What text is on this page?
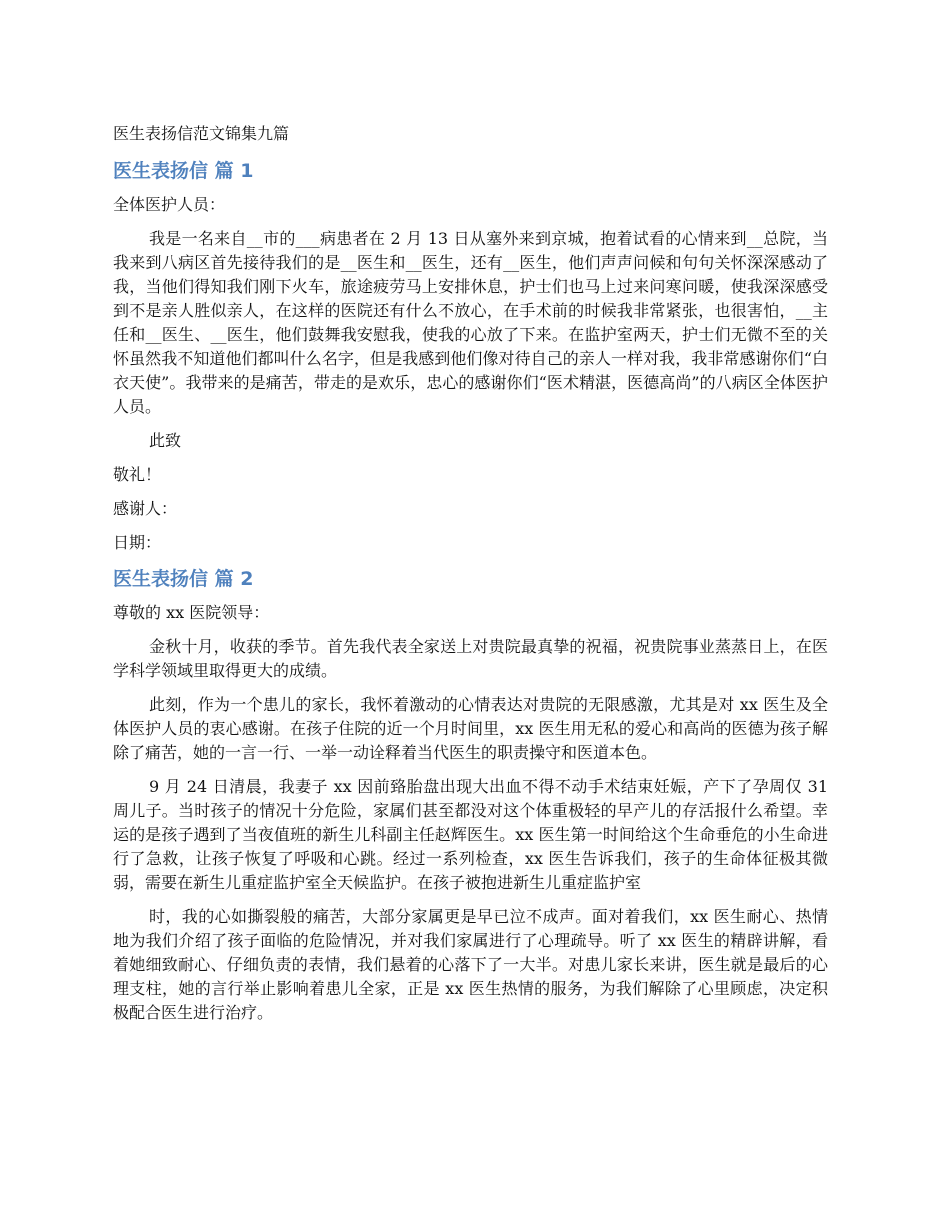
医生表扬信范文锦集九篇
医生表扬信 篇 1
全体医护人员：
我是一名来自__市的___病患者在 2 月 13 日从塞外来到京城，抱着试看的心情来到__总院，当我来到八病区首先接待我们的是__医生和__医生，还有__医生，他们声声问候和句句关怀深深感动了我，当他们得知我们刚下火车，旅途疲劳马上安排休息，护士们也马上过来问寒问暖，使我深深感受到不是亲人胜似亲人，在这样的医院还有什么不放心，在手术前的时候我非常紧张，也很害怕，__主任和__医生、__医生，他们鼓舞我安慰我，使我的心放了下来。在监护室两天，护士们无微不至的关怀虽然我不知道他们都叫什么名字，但是我感到他们像对待自己的亲人一样对我，我非常感谢你们“白衣天使”。我带来的是痛苦，带走的是欢乐，忠心的感谢你们“医术精湛，医德高尚”的八病区全体医护人员。
此致
敬礼！
感谢人：
日期：
医生表扬信 篇 2
尊敬的 xx 医院领导：
金秋十月，收获的季节。首先我代表全家送上对贵院最真挚的祝福，祝贵院事业蒸蒸日上，在医学科学领域里取得更大的成绩。
此刻，作为一个患儿的家长，我怀着激动的心情表达对贵院的无限感激，尤其是对 xx 医生及全体医护人员的衷心感谢。在孩子住院的近一个月时间里，xx 医生用无私的爱心和高尚的医德为孩子解除了痛苦，她的一言一行、一举一动诠释着当代医生的职责操守和医道本色。
9 月 24 日清晨，我妻子 xx 因前臵胎盘出现大出血不得不动手术结束妊娠，产下了孕周仅 31 周儿子。当时孩子的情况十分危险，家属们甚至都没对这个体重极轻的早产儿的存活报什么希望。幸运的是孩子遇到了当夜值班的新生儿科副主任赵辉医生。xx 医生第一时间给这个生命垂危的小生命进行了急救，让孩子恢复了呼吸和心跳。经过一系列检查，xx 医生告诉我们，孩子的生命体征极其微弱，需要在新生儿重症监护室全天候监护。在孩子被抱进新生儿重症监护室
时，我的心如撕裂般的痛苦，大部分家属更是早已泣不成声。面对着我们，xx 医生耐心、热情地为我们介绍了孩子面临的危险情况，并对我们家属进行了心理疏导。听了 xx 医生的精辟讲解，看着她细致耐心、仔细负责的表情，我们悬着的心落下了一大半。对患儿家长来讲，医生就是最后的心理支柱，她的言行举止影响着患儿全家，正是 xx 医生热情的服务，为我们解除了心里顾虑，决定积极配合医生进行治疗。
